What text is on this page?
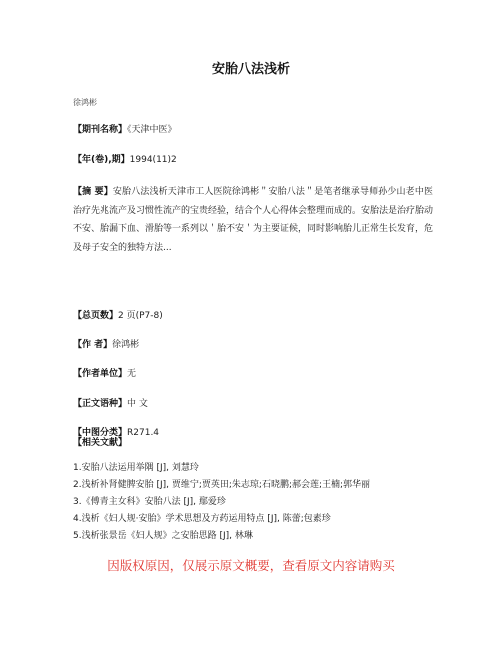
安胎八法浅析
徐鸿彬
【期刊名称】《天津中医》
【年(卷),期】1994(11)2
【摘 要】安胎八法浅析天津市工人医院徐鸿彬＂安胎八法＂是笔者继承导师孙少山老中医治疗先兆流产及习惯性流产的宝贵经验，结合个人心得体会整理而成的。安胎法是治疗胎动不安、胎漏下血、滑胎等一系列以＇胎不安＇为主要证候，同时影响胎儿正常生长发育，危及母子安全的独特方法...
【总页数】2 页(P7-8)
【作 者】徐鸿彬
【作者单位】无
【正文语种】中 文
【中图分类】R271.4
【相关文献】
1.安胎八法运用举隅 [J], 刘慧玲
2.浅析补肾健脾安胎 [J], 贾维宁;贾英田;朱志琼;石晓鹏;郝会莲;王楠;郭华丽
3.《傅青主女科》安胎八法 [J], 鄢爱珍
4.浅析《妇人规·安胎》学术思想及方药运用特点 [J], 陈蕾;包素珍
5.浅析张景岳《妇人规》之安胎思路 [J], 林琳
因版权原因，仅展示原文概要，查看原文内容请购买
